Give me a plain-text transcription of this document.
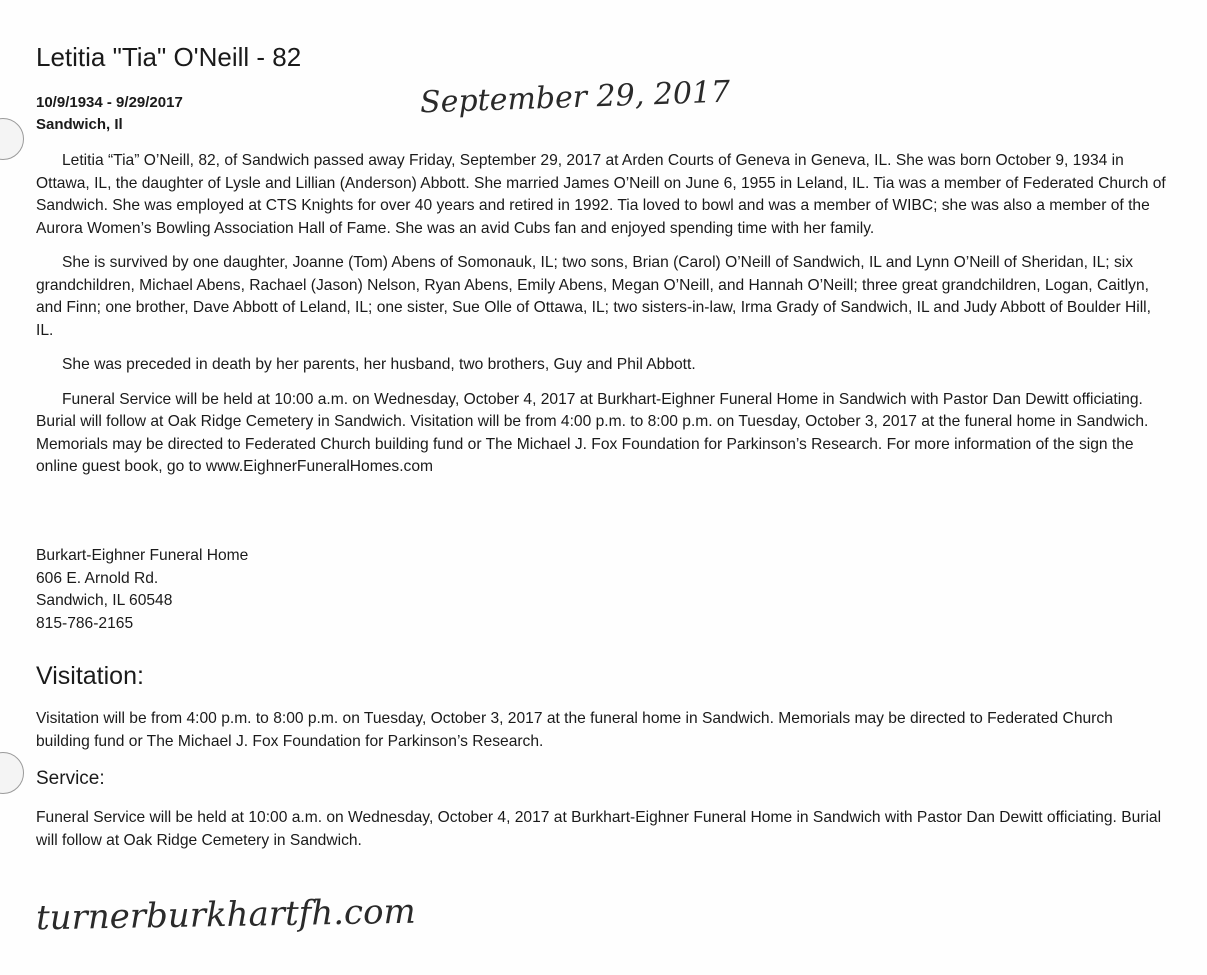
Letitia "Tia" O'Neill - 82
10/9/1934 - 9/29/2017
Sandwich, Il
September 29, 2017

Letitia “Tia” O’Neill, 82, of Sandwich passed away Friday, September 29, 2017 at Arden Courts of Geneva in Geneva, IL. She was born October 9, 1934 in Ottawa, IL, the daughter of Lysle and Lillian (Anderson) Abbott. She married James O’Neill on June 6, 1955 in Leland, IL. Tia was a member of Federated Church of Sandwich. She was employed at CTS Knights for over 40 years and retired in 1992. Tia loved to bowl and was a member of WIBC; she was also a member of the Aurora Women’s Bowling Association Hall of Fame. She was an avid Cubs fan and enjoyed spending time with her family.

She is survived by one daughter, Joanne (Tom) Abens of Somonauk, IL; two sons, Brian (Carol) O’Neill of Sandwich, IL and Lynn O’Neill of Sheridan, IL; six grandchildren, Michael Abens, Rachael (Jason) Nelson, Ryan Abens, Emily Abens, Megan O’Neill, and Hannah O’Neill; three great grandchildren, Logan, Caitlyn, and Finn; one brother, Dave Abbott of Leland, IL; one sister, Sue Olle of Ottawa, IL; two sisters-in-law, Irma Grady of Sandwich, IL and Judy Abbott of Boulder Hill, IL.

She was preceded in death by her parents, her husband, two brothers, Guy and Phil Abbott.

Funeral Service will be held at 10:00 a.m. on Wednesday, October 4, 2017 at Burkhart-Eighner Funeral Home in Sandwich with Pastor Dan Dewitt officiating. Burial will follow at Oak Ridge Cemetery in Sandwich. Visitation will be from 4:00 p.m. to 8:00 p.m. on Tuesday, October 3, 2017 at the funeral home in Sandwich. Memorials may be directed to Federated Church building fund or The Michael J. Fox Foundation for Parkinson’s Research. For more information of the sign the online guest book, go to www.EighnerFuneralHomes.com

Burkart-Eighner Funeral Home
606 E. Arnold Rd.
Sandwich, IL 60548
815-786-2165
Visitation:

Visitation will be from 4:00 p.m. to 8:00 p.m. on Tuesday, October 3, 2017 at the funeral home in Sandwich. Memorials may be directed to Federated Church building fund or The Michael J. Fox Foundation for Parkinson’s Research.

Service:

Funeral Service will be held at 10:00 a.m. on Wednesday, October 4, 2017 at Burkhart-Eighner Funeral Home in Sandwich with Pastor Dan Dewitt officiating. Burial will follow at Oak Ridge Cemetery in Sandwich.

turnerburkhartfh.com
